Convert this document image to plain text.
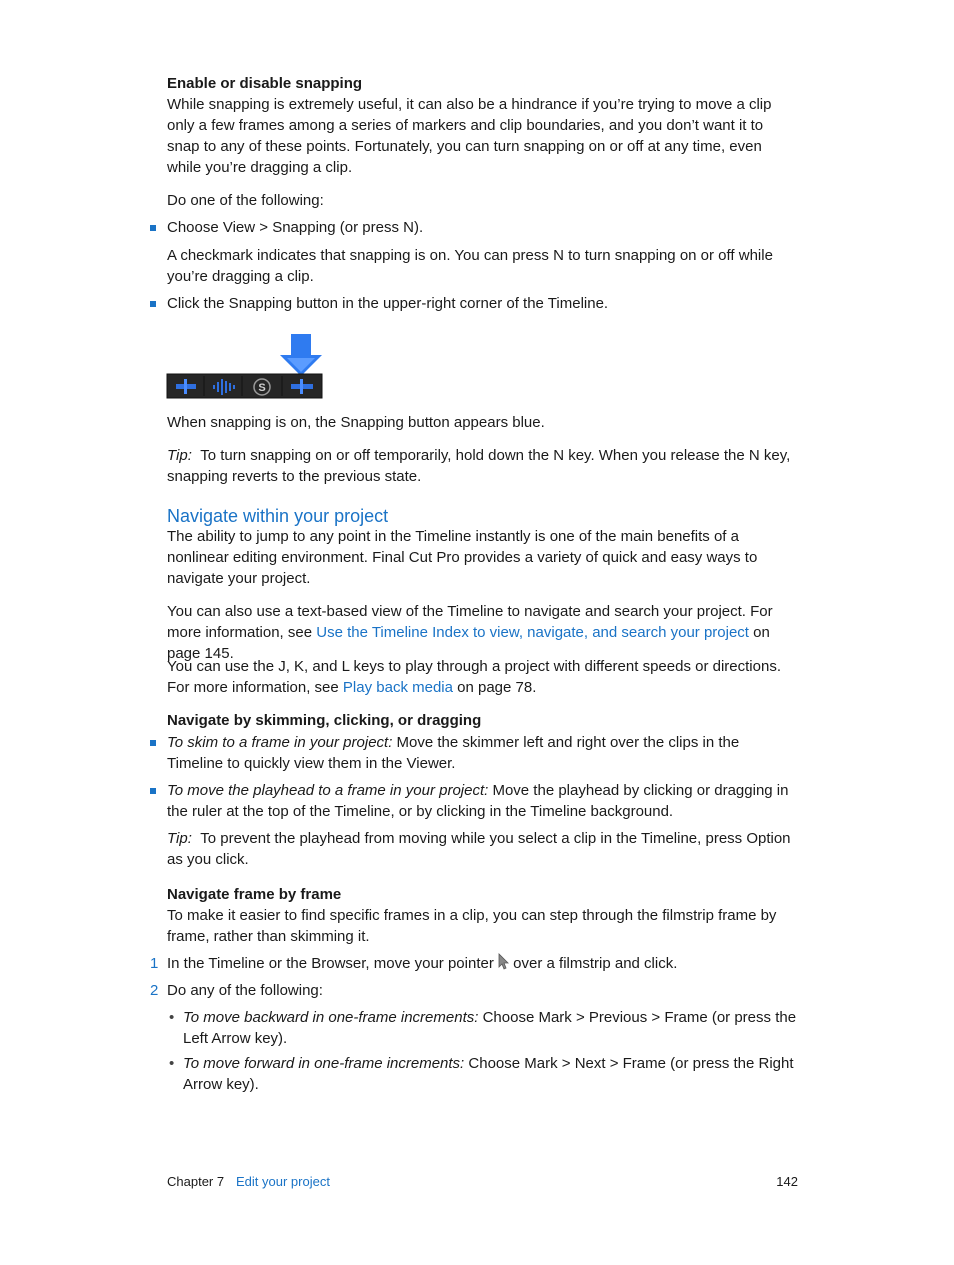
Enable or disable snapping
While snapping is extremely useful, it can also be a hindrance if you’re trying to move a clip only a few frames among a series of markers and clip boundaries, and you don’t want it to snap to any of these points. Fortunately, you can turn snapping on or off at any time, even while you’re dragging a clip.
Do one of the following:
Choose View > Snapping (or press N).
A checkmark indicates that snapping is on. You can press N to turn snapping on or off while you’re dragging a clip.
Click the Snapping button in the upper-right corner of the Timeline.
S
When snapping is on, the Snapping button appears blue.
Tip: To turn snapping on or off temporarily, hold down the N key. When you release the N key, snapping reverts to the previous state.
Navigate within your project
The ability to jump to any point in the Timeline instantly is one of the main benefits of a nonlinear editing environment. Final Cut Pro provides a variety of quick and easy ways to navigate your project.
You can also use a text-based view of the Timeline to navigate and search your project. For more information, see Use the Timeline Index to view, navigate, and search your project on page 145.
You can use the J, K, and L keys to play through a project with different speeds or directions. For more information, see Play back media on page 78.
Navigate by skimming, clicking, or dragging
To skim to a frame in your project: Move the skimmer left and right over the clips in the Timeline to quickly view them in the Viewer.
To move the playhead to a frame in your project: Move the playhead by clicking or dragging in the ruler at the top of the Timeline, or by clicking in the Timeline background.
Tip: To prevent the playhead from moving while you select a clip in the Timeline, press Option as you click.
Navigate frame by frame
To make it easier to find specific frames in a clip, you can step through the filmstrip frame by frame, rather than skimming it.
1 In the Timeline or the Browser, move your pointer over a filmstrip and click.
2 Do any of the following:
• To move backward in one-frame increments: Choose Mark > Previous > Frame (or press the Left Arrow key).
• To move forward in one-frame increments: Choose Mark > Next > Frame (or press the Right Arrow key).
Chapter 7 Edit your project	142
